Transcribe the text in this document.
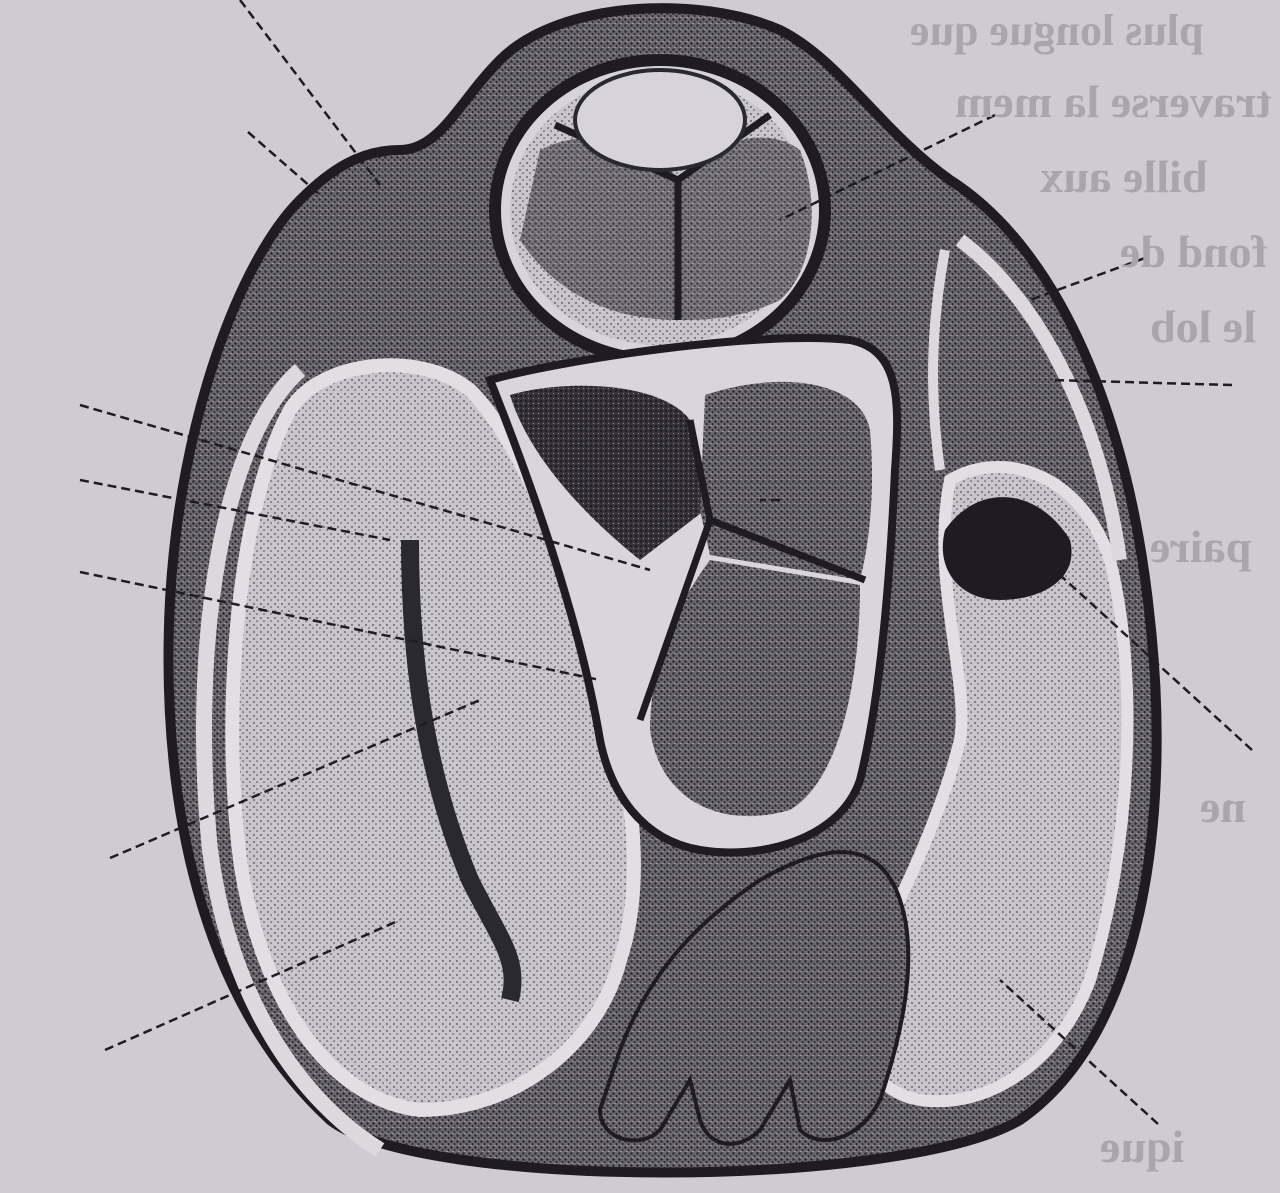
plus longue que
traverse la mem
bille aux
fond de
le lob
paire
ne
ique
